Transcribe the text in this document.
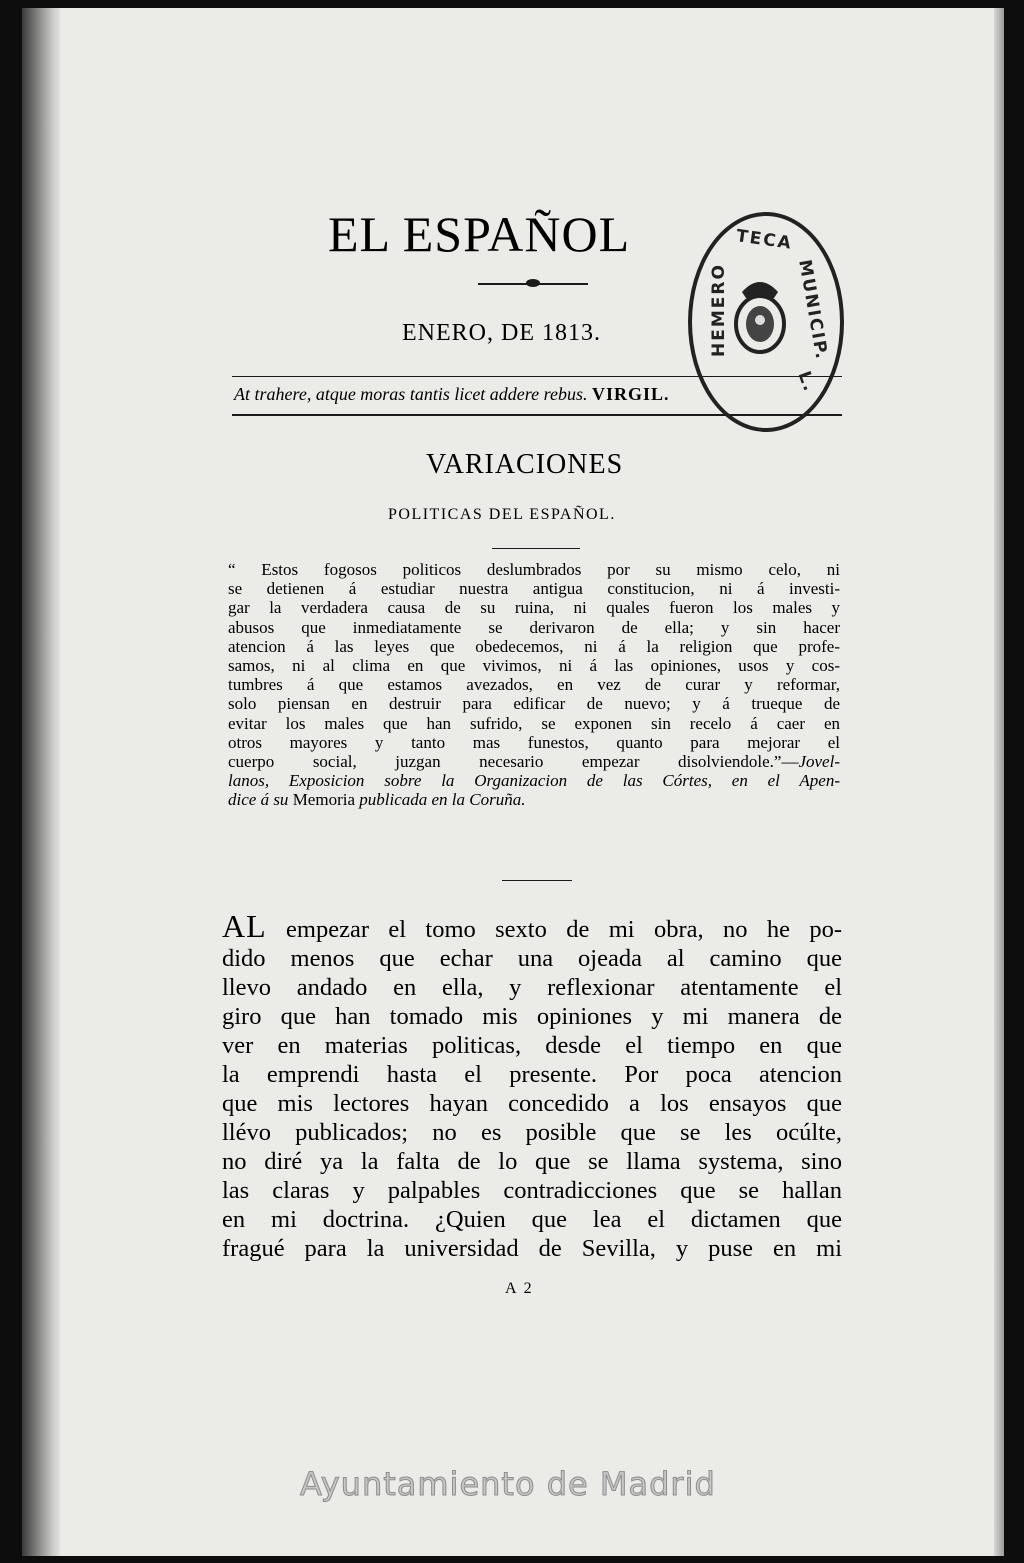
EL ESPAÑOL
ENERO, DE 1813.
At trahere, atque moras tantis licet addere rebus. VIRGIL.
TECA
HEMERO	MUNICIP.
L.
VARIACIONES
POLITICAS DEL ESPAÑOL.

“ Estos fogosos politicos deslumbrados por su mismo celo, ni

se detienen á estudiar nuestra antigua constitucion, ni á investi-

gar la verdadera causa de su ruina, ni quales fueron los males y

abusos que inmediatamente se derivaron de ella; y sin hacer

atencion á las leyes que obedecemos, ni á la religion que profe-

samos, ni al clima en que vivimos, ni á las opiniones, usos y cos-

tumbres á que estamos avezados, en vez de curar y reformar,

solo piensan en destruir para edificar de nuevo; y á trueque de

evitar los males que han sufrido, se exponen sin recelo á caer en

otros mayores y tanto mas funestos, quanto para mejorar el

cuerpo social, juzgan necesario empezar disolviendole.”—Jovel-

lanos, Exposicion sobre la Organizacion de las Córtes, en el Apen-

dice á su Memoria publicada en la Coruña.

AL empezar el tomo sexto de mi obra, no he po-
dido menos que echar una ojeada al camino que
llevo andado en ella, y reflexionar atentamente el
giro que han tomado mis opiniones y mi manera de
ver en materias politicas, desde el tiempo en que
la emprendi hasta el presente. Por poca atencion
que mis lectores hayan concedido a los ensayos que
llévo publicados; no es posible que se les ocúlte,
no diré ya la falta de lo que se llama systema, sino
las claras y palpables contradicciones que se hallan
en mi doctrina. ¿Quien que lea el dictamen que
fragué para la universidad de Sevilla, y puse en mi
A 2
Ayuntamiento de Madrid
